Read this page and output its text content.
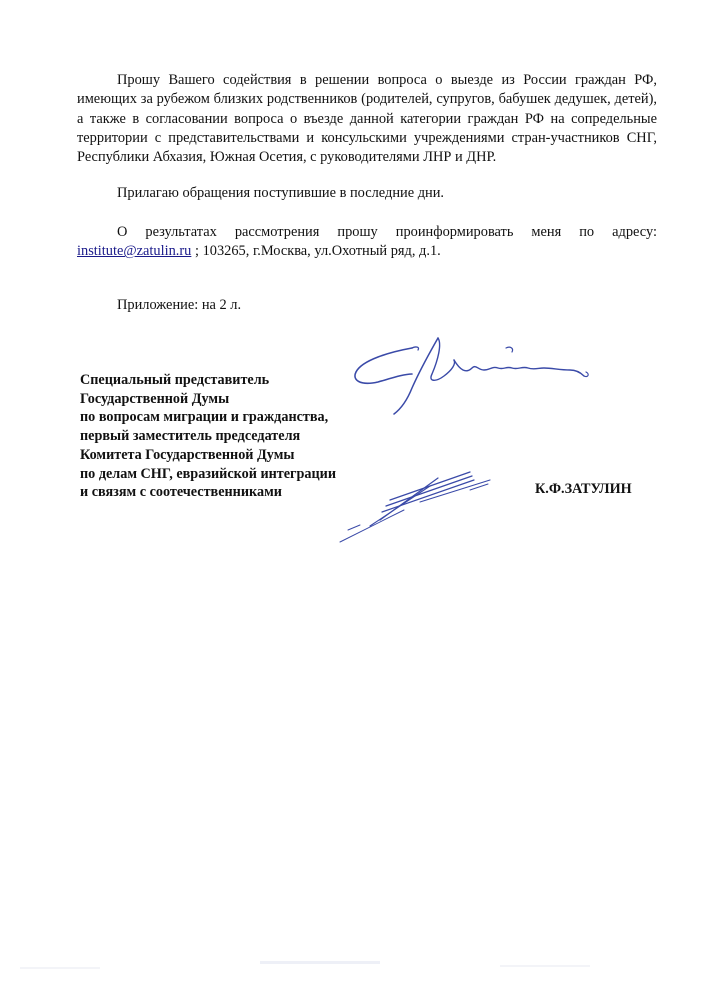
Прошу Вашего содействия в решении вопроса о выезде из России граждан РФ, имеющих за рубежом близких родственников (родителей, супругов, бабушек дедушек, детей), а также в согласовании вопроса о въезде данной категории граждан РФ на сопредельные территории с представительствами и консульскими учреждениями стран-участников СНГ, Республики Абхазия, Южная Осетия, с руководителями ЛНР и ДНР.

Прилагаю обращения поступившие в последние дни.

О результатах рассмотрения прошу проинформировать меня по адресу: institute@zatulin.ru ; 103265, г.Москва, ул.Охотный ряд, д.1.

Приложение: на 2 л.

Специальный представитель
Государственной Думы
по вопросам миграции и гражданства,
первый заместитель председателя
Комитета Государственной Думы
по делам СНГ, евразийской интеграции
и связям с соотечественниками	К.Ф.ЗАТУЛИН
